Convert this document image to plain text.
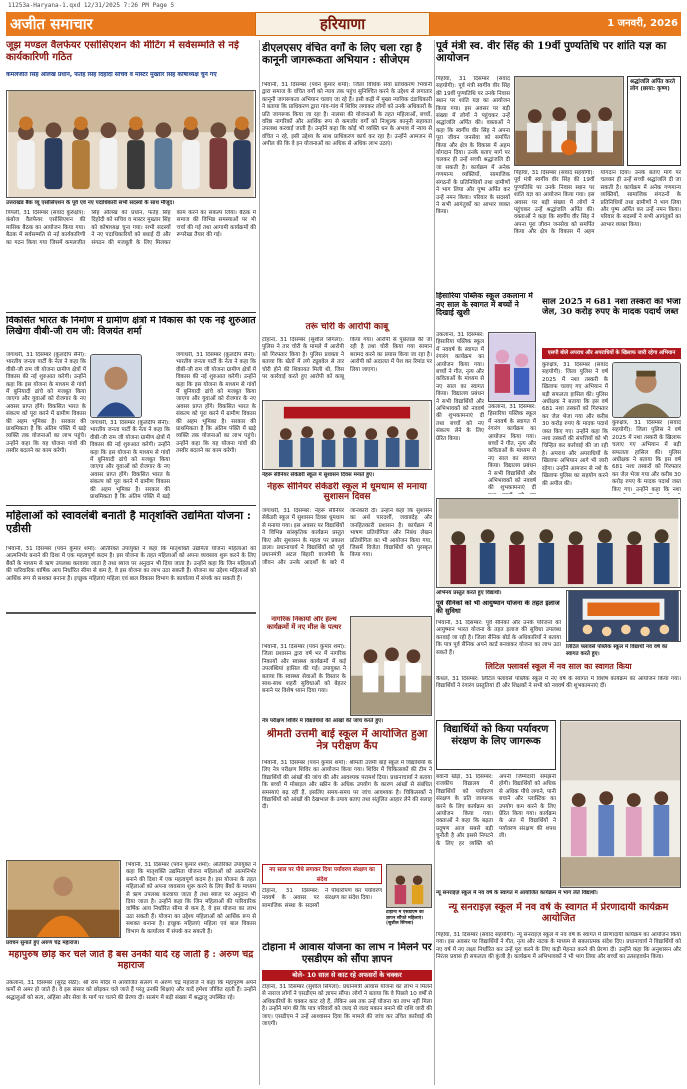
11253a-Haryana-1.qxd 12/31/2025 7:26 PM Page 5
अजीत समाचार	हरियाणा	1 जनवरी, 2026
जूझ मण्डल वैलफेयर एसोसिएशन की मीटिंग में सर्वसम्मति से नई कार्यकारिणी गठित
कमलजीत सिंह औलख प्रधान, फतेह सिंह दिहोदी सचिव व मास्टर मुख्तार सिंह कोषाध्यक्ष चुने गए
उत्तराखंड बैंक व्यू एसोसिएशन के पूर्व एवं नए पदाधिकारी सभी सदस्यों के साथ मौजूद।
पिपली, 31 दिसम्बर (संवाद कुरुक्षेत्र): कंबोज वैलफेयर एसोसिएशन की मासिक बैठक का आयोजन किया गया। बैठक में सर्वसम्मति से नई कार्यकारिणी का गठन किया गया जिसमें कमलजीत सिंह औलख को प्रधान, फतेह सिंह दिहोदी को सचिव व मास्टर मुख्तार सिंह को कोषाध्यक्ष चुना गया। सभी सदस्यों ने नए पदाधिकारियों को बधाई दी और संगठन की मजबूती के लिए मिलकर काम करने का संकल्प लिया। बैठक में समाज की विभिन्न समस्याओं पर भी चर्चा की गई तथा आगामी कार्यक्रमों की रूपरेखा तैयार की गई।
डीएलएसए वंचित वर्गों के लिए चला रहा है कानूनी जागरूकता अभियान : सीजेएम
भिवानी, 31 दिसम्बर (पवन कुमार शर्मा): जिला विधिक सेवा प्राधिकरण भिवानी द्वारा समाज के वंचित वर्गों को न्याय तक पहुंच सुनिश्चित करने के उद्देश्य से लगातार कानूनी जागरूकता अभियान चलाए जा रहे हैं। इसी कड़ी में मुख्य न्यायिक दंडाधिकारी ने बताया कि प्राधिकरण द्वारा गांव-गांव में शिविर लगाकर लोगों को उनके अधिकारों के प्रति जागरूक किया जा रहा है। नालसा की योजनाओं के तहत महिलाओं, बच्चों, वरिष्ठ नागरिकों और आर्थिक रूप से कमजोर वर्गों को निःशुल्क कानूनी सहायता उपलब्ध करवाई जाती है। उन्होंने कहा कि कोई भी व्यक्ति धन के अभाव में न्याय से वंचित न रहे, इसी उद्देश्य के साथ प्राधिकरण कार्य कर रहा है। उन्होंने आमजन से अपील की कि वे इन योजनाओं का अधिक से अधिक लाभ उठाएं।
पूर्व मंत्री स्व. वीर सिंह की 19वीं पुण्यतिथि पर शांति यज्ञ का आयोजन
पिहोवा, 31 दिसम्बर (संवाद सहयोगी): पूर्व मंत्री स्वर्गीय वीर सिंह की 19वीं पुण्यतिथि पर उनके निवास स्थान पर शांति यज्ञ का आयोजन किया गया। इस अवसर पर बड़ी संख्या में लोगों ने पहुंचकर उन्हें श्रद्धांजलि अर्पित की। वक्ताओं ने कहा कि स्वर्गीय वीर सिंह ने अपना पूरा जीवन जनसेवा को समर्पित किया और क्षेत्र के विकास में अहम योगदान दिया। उनके बताए मार्ग पर चलकर ही उन्हें सच्ची श्रद्धांजलि दी जा सकती है। कार्यक्रम में अनेक गणमान्य व्यक्तियों, सामाजिक संगठनों के प्रतिनिधियों तथा ग्रामीणों ने भाग लिया और पुष्प अर्पित कर उन्हें नमन किया। परिवार के सदस्यों ने सभी आगंतुकों का आभार व्यक्त किया।
श्रद्धांजलि अर्पित करते लोग (छाया: कृष्ण)
पिहोवा, 31 दिसम्बर (संवाद सहयोगी): पूर्व मंत्री स्वर्गीय वीर सिंह की 19वीं पुण्यतिथि पर उनके निवास स्थान पर शांति यज्ञ का आयोजन किया गया। इस अवसर पर बड़ी संख्या में लोगों ने पहुंचकर उन्हें श्रद्धांजलि अर्पित की। वक्ताओं ने कहा कि स्वर्गीय वीर सिंह ने अपना पूरा जीवन जनसेवा को समर्पित किया और क्षेत्र के विकास में अहम योगदान दिया। उनके बताए मार्ग पर चलकर ही उन्हें सच्ची श्रद्धांजलि दी जा सकती है। कार्यक्रम में अनेक गणमान्य व्यक्तियों, सामाजिक संगठनों के प्रतिनिधियों तथा ग्रामीणों ने भाग लिया और पुष्प अर्पित कर उन्हें नमन किया। परिवार के सदस्यों ने सभी आगंतुकों का आभार व्यक्त किया।
विकसित भारत के निर्माण में ग्रामीण क्षेत्रों में विकास की एक नई शुरुआत लिखेगा वीबी-जी राम जी: विजयंत शर्मा
जगाधरी, 31 दिसम्बर (कुलदीप सैनी): भारतीय जनता पार्टी के नेता ने कहा कि वीबी-जी राम जी योजना ग्रामीण क्षेत्रों में विकास की नई शुरुआत करेगी। उन्होंने कहा कि इस योजना के माध्यम से गांवों में बुनियादी ढांचे को मजबूत किया जाएगा और युवाओं को रोजगार के नए अवसर प्राप्त होंगे। विकसित भारत के संकल्प को पूरा करने में ग्रामीण विकास की अहम भूमिका है। सरकार की प्राथमिकता है कि अंतिम पंक्ति में खड़े व्यक्ति तक योजनाओं का लाभ पहुंचे। उन्होंने कहा कि यह योजना गांवों की तस्वीर बदलने का काम करेगी।
जगाधरी, 31 दिसम्बर (कुलदीप सैनी): भारतीय जनता पार्टी के नेता ने कहा कि वीबी-जी राम जी योजना ग्रामीण क्षेत्रों में विकास की नई शुरुआत करेगी। उन्होंने कहा कि इस योजना के माध्यम से गांवों में बुनियादी ढांचे को मजबूत किया जाएगा और युवाओं को रोजगार के नए अवसर प्राप्त होंगे। विकसित भारत के संकल्प को पूरा करने में ग्रामीण विकास की अहम भूमिका है। सरकार की प्राथमिकता है कि अंतिम पंक्ति में खड़े
जगाधरी, 31 दिसम्बर (कुलदीप सैनी): भारतीय जनता पार्टी के नेता ने कहा कि वीबी-जी राम जी योजना ग्रामीण क्षेत्रों में विकास की नई शुरुआत करेगी। उन्होंने कहा कि इस योजना के माध्यम से गांवों में बुनियादी ढांचे को मजबूत किया जाएगा और युवाओं को रोजगार के नए अवसर प्राप्त होंगे। विकसित भारत के संकल्प को पूरा करने में ग्रामीण विकास की अहम भूमिका है। सरकार की प्राथमिकता है कि अंतिम पंक्ति में खड़े व्यक्ति तक योजनाओं का लाभ पहुंचे। उन्होंने कहा कि यह योजना गांवों की तस्वीर बदलने का काम करेगी।
तरूं चोरी के आरोपी काबू
टोहाना, 31 दिसम्बर (सुशील सिंगला): पुलिस ने तार चोरी के मामले में आरोपी को गिरफ्तार किया है। पुलिस प्रवक्ता ने बताया कि खेतों में लगे ट्यूबवेल से तार चोरी होने की शिकायत मिली थी, जिस पर कार्रवाई करते हुए आरोपी को काबू किया गया। आरोपी से पूछताछ की जा रही है तथा चोरी किया गया सामान बरामद करने का प्रयास किया जा रहा है। आरोपी को अदालत में पेश कर रिमांड पर लिया जाएगा।
नेहरू सीनियर सेकेंडरी स्कूल में सुशासन दिवस मनाते हुए।
नेहरू सीनियर सेकेंडरी स्कूल में धूमधाम से मनाया सुशासन दिवस
जगाधरी, 31 दिसम्बर: नेहरू सीनियर सेकेंडरी स्कूल में सुशासन दिवस धूमधाम से मनाया गया। इस अवसर पर विद्यार्थियों ने विभिन्न सांस्कृतिक कार्यक्रम प्रस्तुत किए और सुशासन के महत्व पर प्रकाश डाला। प्रधानाचार्य ने विद्यार्थियों को पूर्व प्रधानमंत्री अटल बिहारी वाजपेयी के जीवन और उनके आदर्शों के बारे में जानकारी दी। उन्होंने कहा कि सुशासन का अर्थ पारदर्शी, जवाबदेह और जनहितकारी प्रशासन है। कार्यक्रम में भाषण प्रतियोगिता और निबंध लेखन प्रतियोगिता का भी आयोजन किया गया, जिसमें विजेता विद्यार्थियों को पुरस्कृत किया गया।
हिसारिया पब्लिक स्कूल उकलाना में नए साल के स्वागत में बच्चों ने दिखाई खुशी
उकलाना, 31 दिसम्बर: हिसारिया पब्लिक स्कूल में नववर्ष के स्वागत में रंगारंग कार्यक्रम का आयोजन किया गया। बच्चों ने गीत, नृत्य और कविताओं के माध्यम से नए साल का स्वागत किया। विद्यालय प्रबंधन ने सभी विद्यार्थियों और अभिभावकों को नववर्ष की शुभकामनाएं दीं तथा बच्चों को नए संकल्प लेने के लिए प्रेरित किया।
उकलाना, 31 दिसम्बर: हिसारिया पब्लिक स्कूल में नववर्ष के स्वागत में रंगारंग कार्यक्रम का आयोजन किया गया। बच्चों ने गीत, नृत्य और कविताओं के माध्यम से नए साल का स्वागत किया। विद्यालय प्रबंधन ने सभी विद्यार्थियों और अभिभावकों को नववर्ष की शुभकामनाएं दीं
साल 2025 में 681 नशा तस्करों को भेजा जेल, 30 करोड़ रुपए के मादक पदार्थ जब्त
एसपी बोले अपराध और अपराधियों के खिलाफ जारी रहेगा अभियान
कुरुक्षेत्र, 31 दिसम्बर (संवाद सहयोगी): जिला पुलिस ने वर्ष 2025 में नशा तस्करी के खिलाफ चलाए गए अभियान में बड़ी सफलता हासिल की। पुलिस अधीक्षक ने बताया कि इस वर्ष 681 नशा तस्करों को गिरफ्तार कर जेल भेजा गया और करीब 30 करोड़ रुपए के मादक पदार्थ जब्त किए गए। उन्होंने कहा कि नशा तस्करों की संपत्तियों को भी चिन्हित कर कार्रवाई की जा रही है। अपराध और अपराधियों के खिलाफ अभियान आगे भी जारी रहेगा। उन्होंने आमजन से नशे के खिलाफ पुलिस का सहयोग करने की अपील की।
कुरुक्षेत्र, 31 दिसम्बर (संवाद सहयोगी): जिला पुलिस ने वर्ष 2025 में नशा तस्करी के खिलाफ चलाए गए अभियान में बड़ी सफलता हासिल की। पुलिस अधीक्षक ने बताया कि इस वर्ष 681 नशा तस्करों को गिरफ्तार कर जेल भेजा गया और करीब 30 करोड़ रुपए के मादक पदार्थ जब्त किए गए। उन्होंने कहा कि नशा
महिलाओं को स्वावलंबी बनाती है मातृशक्ति उद्यमिता योजना : एडीसी
भिवानी, 31 दिसम्बर (पवन कुमार शर्मा): अतिरिक्त उपायुक्त ने कहा कि मातृशक्ति उद्यमिता योजना महिलाओं को आत्मनिर्भर बनाने की दिशा में एक महत्वपूर्ण कदम है। इस योजना के तहत महिलाओं को अपना व्यवसाय शुरू करने के लिए बैंकों के माध्यम से ऋण उपलब्ध करवाया जाता है तथा ब्याज पर अनुदान भी दिया जाता है। उन्होंने कहा कि जिन महिलाओं की पारिवारिक वार्षिक आय निर्धारित सीमा से कम है, वे इस योजना का लाभ उठा सकती हैं। योजना का उद्देश्य महिलाओं को आर्थिक रूप से सशक्त बनाना है। इच्छुक महिलाएं महिला एवं बाल विकास विभाग के कार्यालय में संपर्क कर सकती हैं।
नागरिक निकायों और हेल्थ कार्यक्रमों में नए मील के पत्थर
भिवानी, 31 दिसम्बर (पवन कुमार शर्मा): जिला प्रशासन द्वारा वर्ष भर में नागरिक निकायों और स्वास्थ्य कार्यक्रमों में कई उपलब्धियां हासिल की गईं। उपायुक्त ने बताया कि स्वास्थ्य सेवाओं के विस्तार के साथ-साथ शहरी सुविधाओं को बेहतर बनाने पर विशेष ध्यान दिया गया।
नेत्र परीक्षण शिविर में विद्यार्थियों की आंखों की जांच करते हुए।
श्रीमती उत्तमी बाई स्कूल में आयोजित हुआ नेत्र परीक्षण कैंप
भिवानी, 31 दिसम्बर (पवन कुमार शर्मा): श्रीमती उत्तमी बाई स्कूल में विद्यार्थियों के लिए नेत्र परीक्षण शिविर का आयोजन किया गया। शिविर में चिकित्सकों की टीम ने विद्यार्थियों की आंखों की जांच की और आवश्यक परामर्श दिया। प्रधानाचार्या ने बताया कि बच्चों में मोबाइल और स्क्रीन के अधिक उपयोग के कारण आंखों से संबंधित समस्याएं बढ़ रही हैं, इसलिए समय-समय पर जांच आवश्यक है। चिकित्सकों ने विद्यार्थियों को आंखों की देखभाल के उपाय बताए तथा संतुलित आहार लेने की सलाह दी।
अभिनय प्रस्तुत करते हुए विद्यार्थी।
पूर्व सैनिकों को भी आयुष्मान योजना के तहत इलाज की सुविधा
भिवानी, 31 दिसम्बर: पूर्व सैनिकों और उनके परिजनों को आयुष्मान भारत योजना के तहत इलाज की सुविधा उपलब्ध करवाई जा रही है। जिला सैनिक बोर्ड के अधिकारियों ने बताया कि पात्र पूर्व सैनिक अपने कार्ड बनवाकर योजना का लाभ उठा सकते हैं।
लिटिल फ्लावर्स पब्लिक स्कूल में विद्यार्थी नव वर्ष का स्वागत करते हुए।
लिटिल फ्लावर्स स्कूल में नव साल का स्वागत किया
कैथल, 31 दिसम्बर: लिटिल फ्लावर्स पब्लिक स्कूल में नए वर्ष के स्वागत में विशेष कार्यक्रम का आयोजन किया गया। विद्यार्थियों ने रंगारंग प्रस्तुतियां दीं और शिक्षकों ने सभी को नववर्ष की शुभकामनाएं दीं।
प्रवचन सुनाते हुए अरुण चंद्र महाराज।
महापुरुष छोड़ कर चले जाते हैं बस उनकी यादें रह जाती हैं : अरुण चंद्र महाराज
उकलाना, 31 दिसम्बर (सुरेंद्र सेठी): श्री राम मंदिर में आयोजित सत्संग में अरुण चंद्र महाराज ने कहा कि महापुरुष अपने कर्मों से अमर हो जाते हैं। वे इस संसार को छोड़कर चले जाते हैं परंतु उनकी शिक्षाएं और यादें हमेशा जीवित रहती हैं। उन्होंने श्रद्धालुओं को सत्य, अहिंसा और सेवा के मार्ग पर चलने की प्रेरणा दी। सत्संग में बड़ी संख्या में श्रद्धालु उपस्थित रहे।
भिवानी, 31 दिसम्बर (पवन कुमार शर्मा): अतिरिक्त उपायुक्त ने कहा कि मातृशक्ति उद्यमिता योजना महिलाओं को आत्मनिर्भर बनाने की दिशा में एक महत्वपूर्ण कदम है। इस योजना के तहत महिलाओं को अपना व्यवसाय शुरू करने के लिए बैंकों के माध्यम से ऋण उपलब्ध करवाया जाता है तथा ब्याज पर अनुदान भी दिया जाता है। उन्होंने कहा कि जिन महिलाओं की पारिवारिक वार्षिक आय निर्धारित सीमा से कम है, वे इस योजना का लाभ उठा सकती हैं। योजना का उद्देश्य महिलाओं को आर्थिक रूप से सशक्त बनाना है। इच्छुक महिलाएं महिला एवं बाल विकास विभाग के कार्यालय में संपर्क कर सकती हैं।
नए साल पर पौधे लगाकर दिया पर्यावरण संरक्षण का संदेश
टोहाना, 31 दिसम्बर: नववर्ष के अवसर पर सामाजिक संस्था के सदस्यों ने पौधारोपण कर पर्यावरण संरक्षण का संदेश दिया।
टोहाना में एसडीएम को ज्ञापन सौंपते महिलाएं। (सुशील सिंगला)
टोहाना में आवास योजना का लाभ न मिलने पर एसडीएम को सौंपा ज्ञापन
बोले- 10 साल से काट रहे अफसरों के चक्कर
टोहाना, 31 दिसम्बर (सुशील सिंगला): प्रधानमंत्री आवास योजना का लाभ न मिलने से नाराज लोगों ने एसडीएम को ज्ञापन सौंपा। लोगों ने बताया कि वे पिछले 10 वर्षों से अधिकारियों के चक्कर काट रहे हैं, लेकिन अब तक उन्हें योजना का लाभ नहीं मिला है। उन्होंने मांग की कि पात्र परिवारों को जल्द से जल्द मकान बनाने की राशि जारी की जाए। एसडीएम ने उन्हें आश्वासन दिया कि मामले की जांच कर उचित कार्रवाई की जाएगी।
विद्यार्थियों को किया पर्यावरण संरक्षण के लिए जागरूक
बवानी खेड़ा, 31 दिसम्बर: राजकीय विद्यालय में विद्यार्थियों को पर्यावरण संरक्षण के प्रति जागरूक करने के लिए कार्यक्रम का आयोजन किया गया। वक्ताओं ने कहा कि बढ़ता प्रदूषण आज सबसे बड़ी चुनौती है और इससे निपटने के लिए हर व्यक्ति को अपनी जिम्मेदारी समझनी होगी। विद्यार्थियों को अधिक से अधिक पौधे लगाने, पानी बचाने और प्लास्टिक का उपयोग कम करने के लिए प्रेरित किया गया। कार्यक्रम के अंत में विद्यार्थियों ने पर्यावरण संरक्षण की शपथ ली।
न्यू सनराइज़ स्कूल में नव वर्ष के स्वागत में आयोजित कार्यक्रम में भाग लेते विद्यार्थी।
न्यू सनराइज़ स्कूल में नव वर्ष के स्वागत में प्रेरणादायी कार्यक्रम आयोजित
पिहोवा, 31 दिसम्बर (संवाद सहयोगी): न्यू सनराइज़ स्कूल में नव वर्ष के स्वागत में प्रेरणादायी कार्यक्रम का आयोजन किया गया। इस अवसर पर विद्यार्थियों ने गीत, नृत्य और नाटक के माध्यम से सकारात्मक संदेश दिए। प्रधानाचार्य ने विद्यार्थियों को नए वर्ष में नए लक्ष्य निर्धारित कर उन्हें पूरा करने के लिए कड़ी मेहनत करने की प्रेरणा दी। उन्होंने कहा कि अनुशासन और निरंतर प्रयास ही सफलता की कुंजी है। कार्यक्रम में अभिभावकों ने भी भाग लिया और बच्चों का उत्साहवर्धन किया।
